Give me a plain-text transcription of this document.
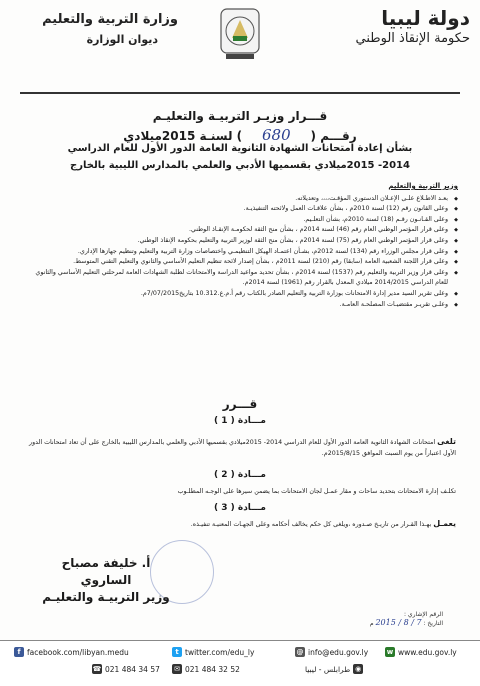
دولة ليبيا
حكومة الإنقاذ الوطني
وزارة التربية والتعليم
ديوان الوزارة
قـــرار وزيـر التربيـة والتعليـم
رقـــم ( 680 ) لسنـة 2015ميلادي
بشأن إعادة امتحانات الشهادة الثانوية العامة الدور الأول للعام الدراسي
2014- 2015ميلادي بقسميها الأدبي والعلمي بالمدارس الليبية بالخارج
وزير التربية والتعليم
◆ بعـد الاطـلاع علـى الإعـلان الدستوري المؤقـت،،،، وتعديلاته.
◆ وعلى القانون رقم (12) لسنة 2010م ، بشأن علاقـات العمل ولائحته التنفيذيـة.
◆ وعلى القـانـون رقـم (18) لسنة 2010م، بشأن التعلـيم.
◆ وعلى قرار المؤتمر الوطني العام رقم (46) لسنة 2014م ، بشأن منح الثقة لحكومـة الإنقـاذ الوطني.
◆ وعلى قرار المؤتمر الوطني العام رقم (75) لسنة 2014م ، بشأن منح الثقة لوزير التربية والتعليم بحكومة الإنقاذ الوطني.
◆ وعلى قرار مجلس الوزراء رقم (134) لسنة 2012م، بشـأن اعتمـاد الهيكل التنظيمـي واختصاصات وزارة التربية والتعليم وتنظيم جهازها الإداري.
◆ وعلى قرار اللجنة الشعبية العامة (سابقا) رقم (210) لسنة 2011م ، بشأن إصدار لائحة تنظيم التعليم الأساسي والثانوي والتعليم التقني المتوسط.
◆ وعلى قرار وزير التربية والتعليم رقم (1537) لسنة 2014م ، بشأن تحديد مواعيد الدراسة والامتحانات لطلبة الشهادات العامة لمرحلتي التعليم الأساسي والثانوي للعام الدراسي 2014/2015 ميلادي المعدل بالقرار رقم (1961) لسنة 2014م.
◆ وعلى تقرير السيد مدير إدارة الامتحانات بوزارة التربية والتعليم الصادر بالكتاب رقم أ.م.ع.10.312 بتاريخ7/07/2015م.
◆ وعلـى تقريـر مقتضيـات المصلحـة العامـة.
قـــرر
مـــادة ( 1 )
تلغى امتحانات الشهادة الثانوية العامة الدور الأول للعام الدراسي 2014- 2015ميلادي بقسميها الأدبي والعلمي بالمدارس الليبية بالخارج على أن تعاد امتحانات الدور الأول اعتباراً من يوم السبت الموافق 2015/8/15م.
مـــادة ( 2 )
تكلـف إدارة الامتحانات بتحديد ساحات و مقار عمـل لجان الامتحانات بما يضمن سيرها على الوجـه المطلـوب
مـــادة ( 3 )
يعمـل بهـذا القـرار من تاريـخ صـدوره ،ويلغى كل حكم يخالف أحكامه وعلى الجهـات المعنيـة تنفيـذه.
أ. خليفة مصباح الساروي
وزير التربيـة والتعليـم
الرقم الإشاري :
التاريخ : 7 / 8 / 2015 م
f facebook.com/libyan.medu	t twitter.com/edu_ly	@ info@edu.gov.ly	w www.edu.gov.ly
☎ 021 484 34 57 ✉ 021 484 32 52	◉
طرابلس - ليبيا
